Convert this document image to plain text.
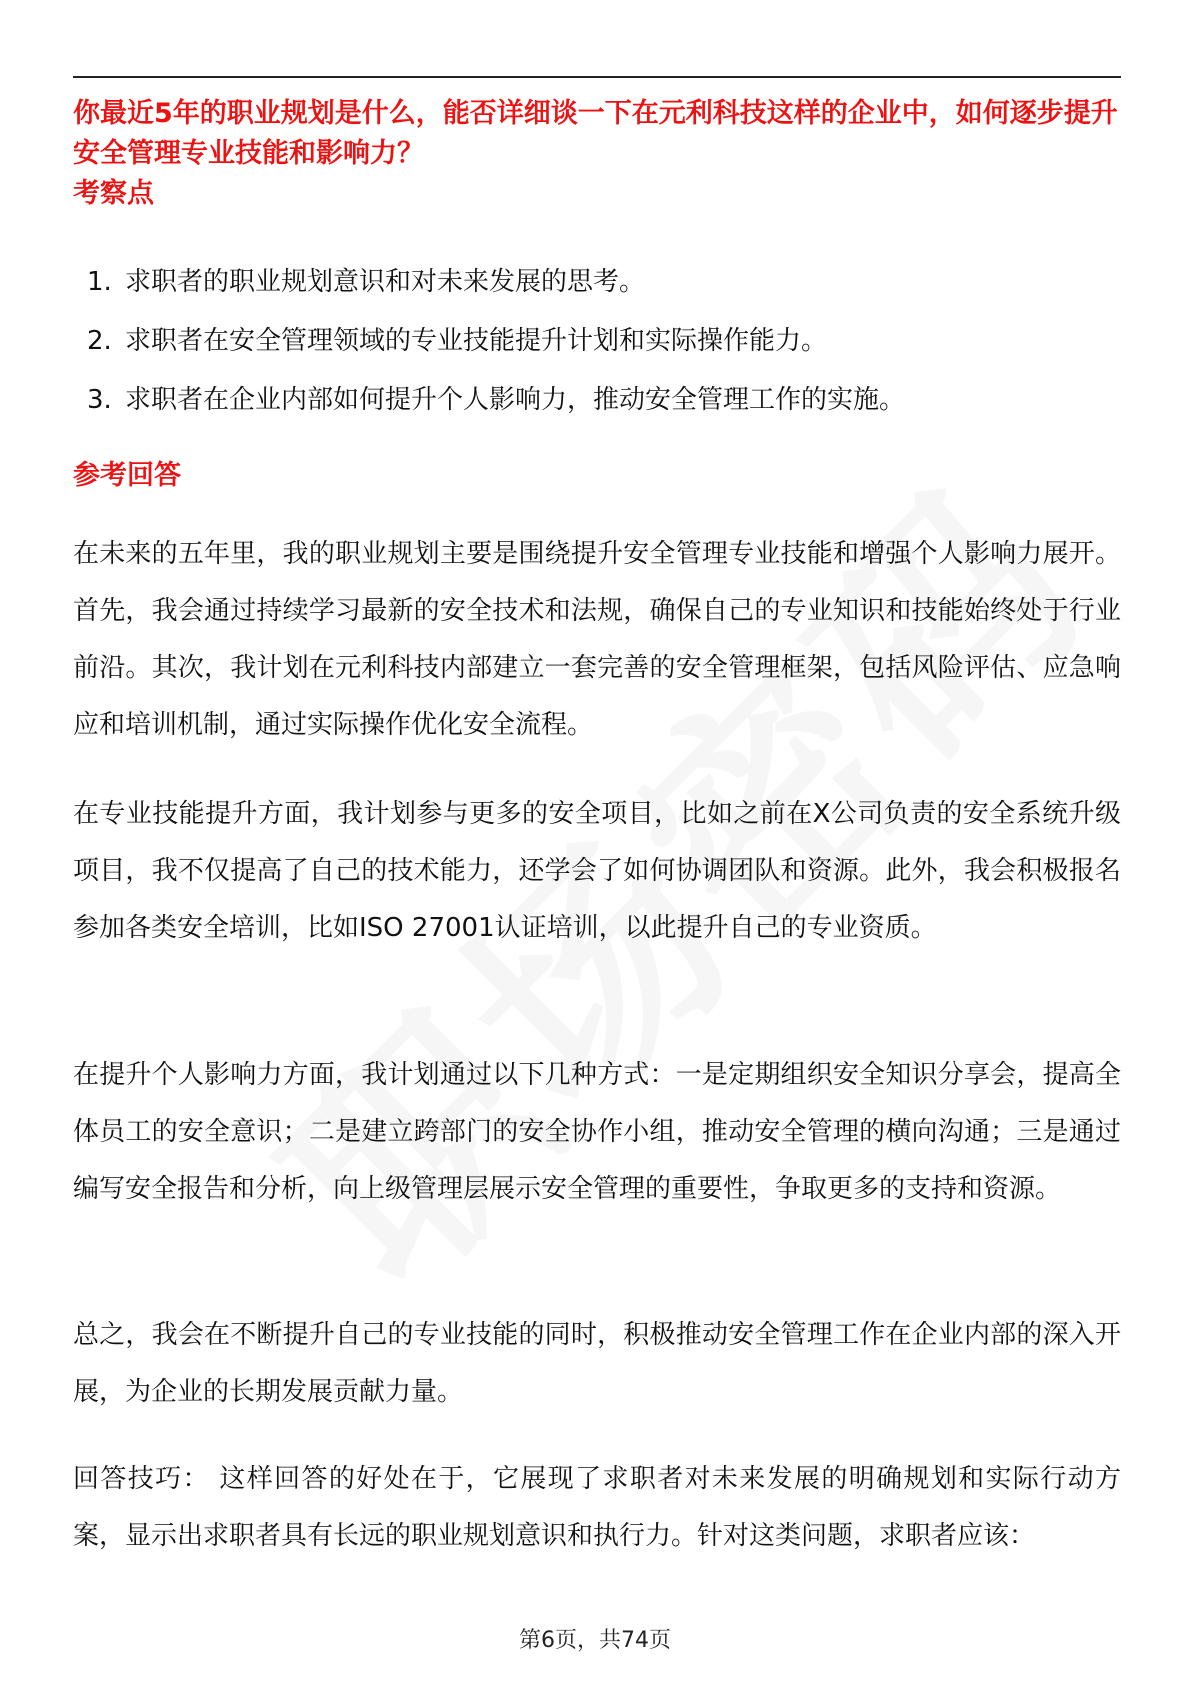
你最近5年的职业规划是什么，能否详细谈一下在元利科技这样的企业中，如何逐步提升安全管理专业技能和影响力？
考察点
1. 求职者的职业规划意识和对未来发展的思考。
2. 求职者在安全管理领域的专业技能提升计划和实际操作能力。
3. 求职者在企业内部如何提升个人影响力，推动安全管理工作的实施。
参考回答

在未来的五年里，我的职业规划主要是围绕提升安全管理专业技能和增强个人影响力展开。首先，我会通过持续学习最新的安全技术和法规，确保自己的专业知识和技能始终处于行业前沿。其次，我计划在元利科技内部建立一套完善的安全管理框架，包括风险评估、应急响应和培训机制，通过实际操作优化安全流程。

在专业技能提升方面，我计划参与更多的安全项目，比如之前在X公司负责的安全系统升级项目，我不仅提高了自己的技术能力，还学会了如何协调团队和资源。此外，我会积极报名参加各类安全培训，比如ISO 27001认证培训，以此提升自己的专业资质。

在提升个人影响力方面，我计划通过以下几种方式：一是定期组织安全知识分享会，提高全体员工的安全意识；二是建立跨部门的安全协作小组，推动安全管理的横向沟通；三是通过编写安全报告和分析，向上级管理层展示安全管理的重要性，争取更多的支持和资源。

总之，我会在不断提升自己的专业技能的同时，积极推动安全管理工作在企业内部的深入开展，为企业的长期发展贡献力量。

回答技巧： 这样回答的好处在于，它展现了求职者对未来发展的明确规划和实际行动方案，显示出求职者具有长远的职业规划意识和执行力。针对这类问题，求职者应该：

第6页，共74页
